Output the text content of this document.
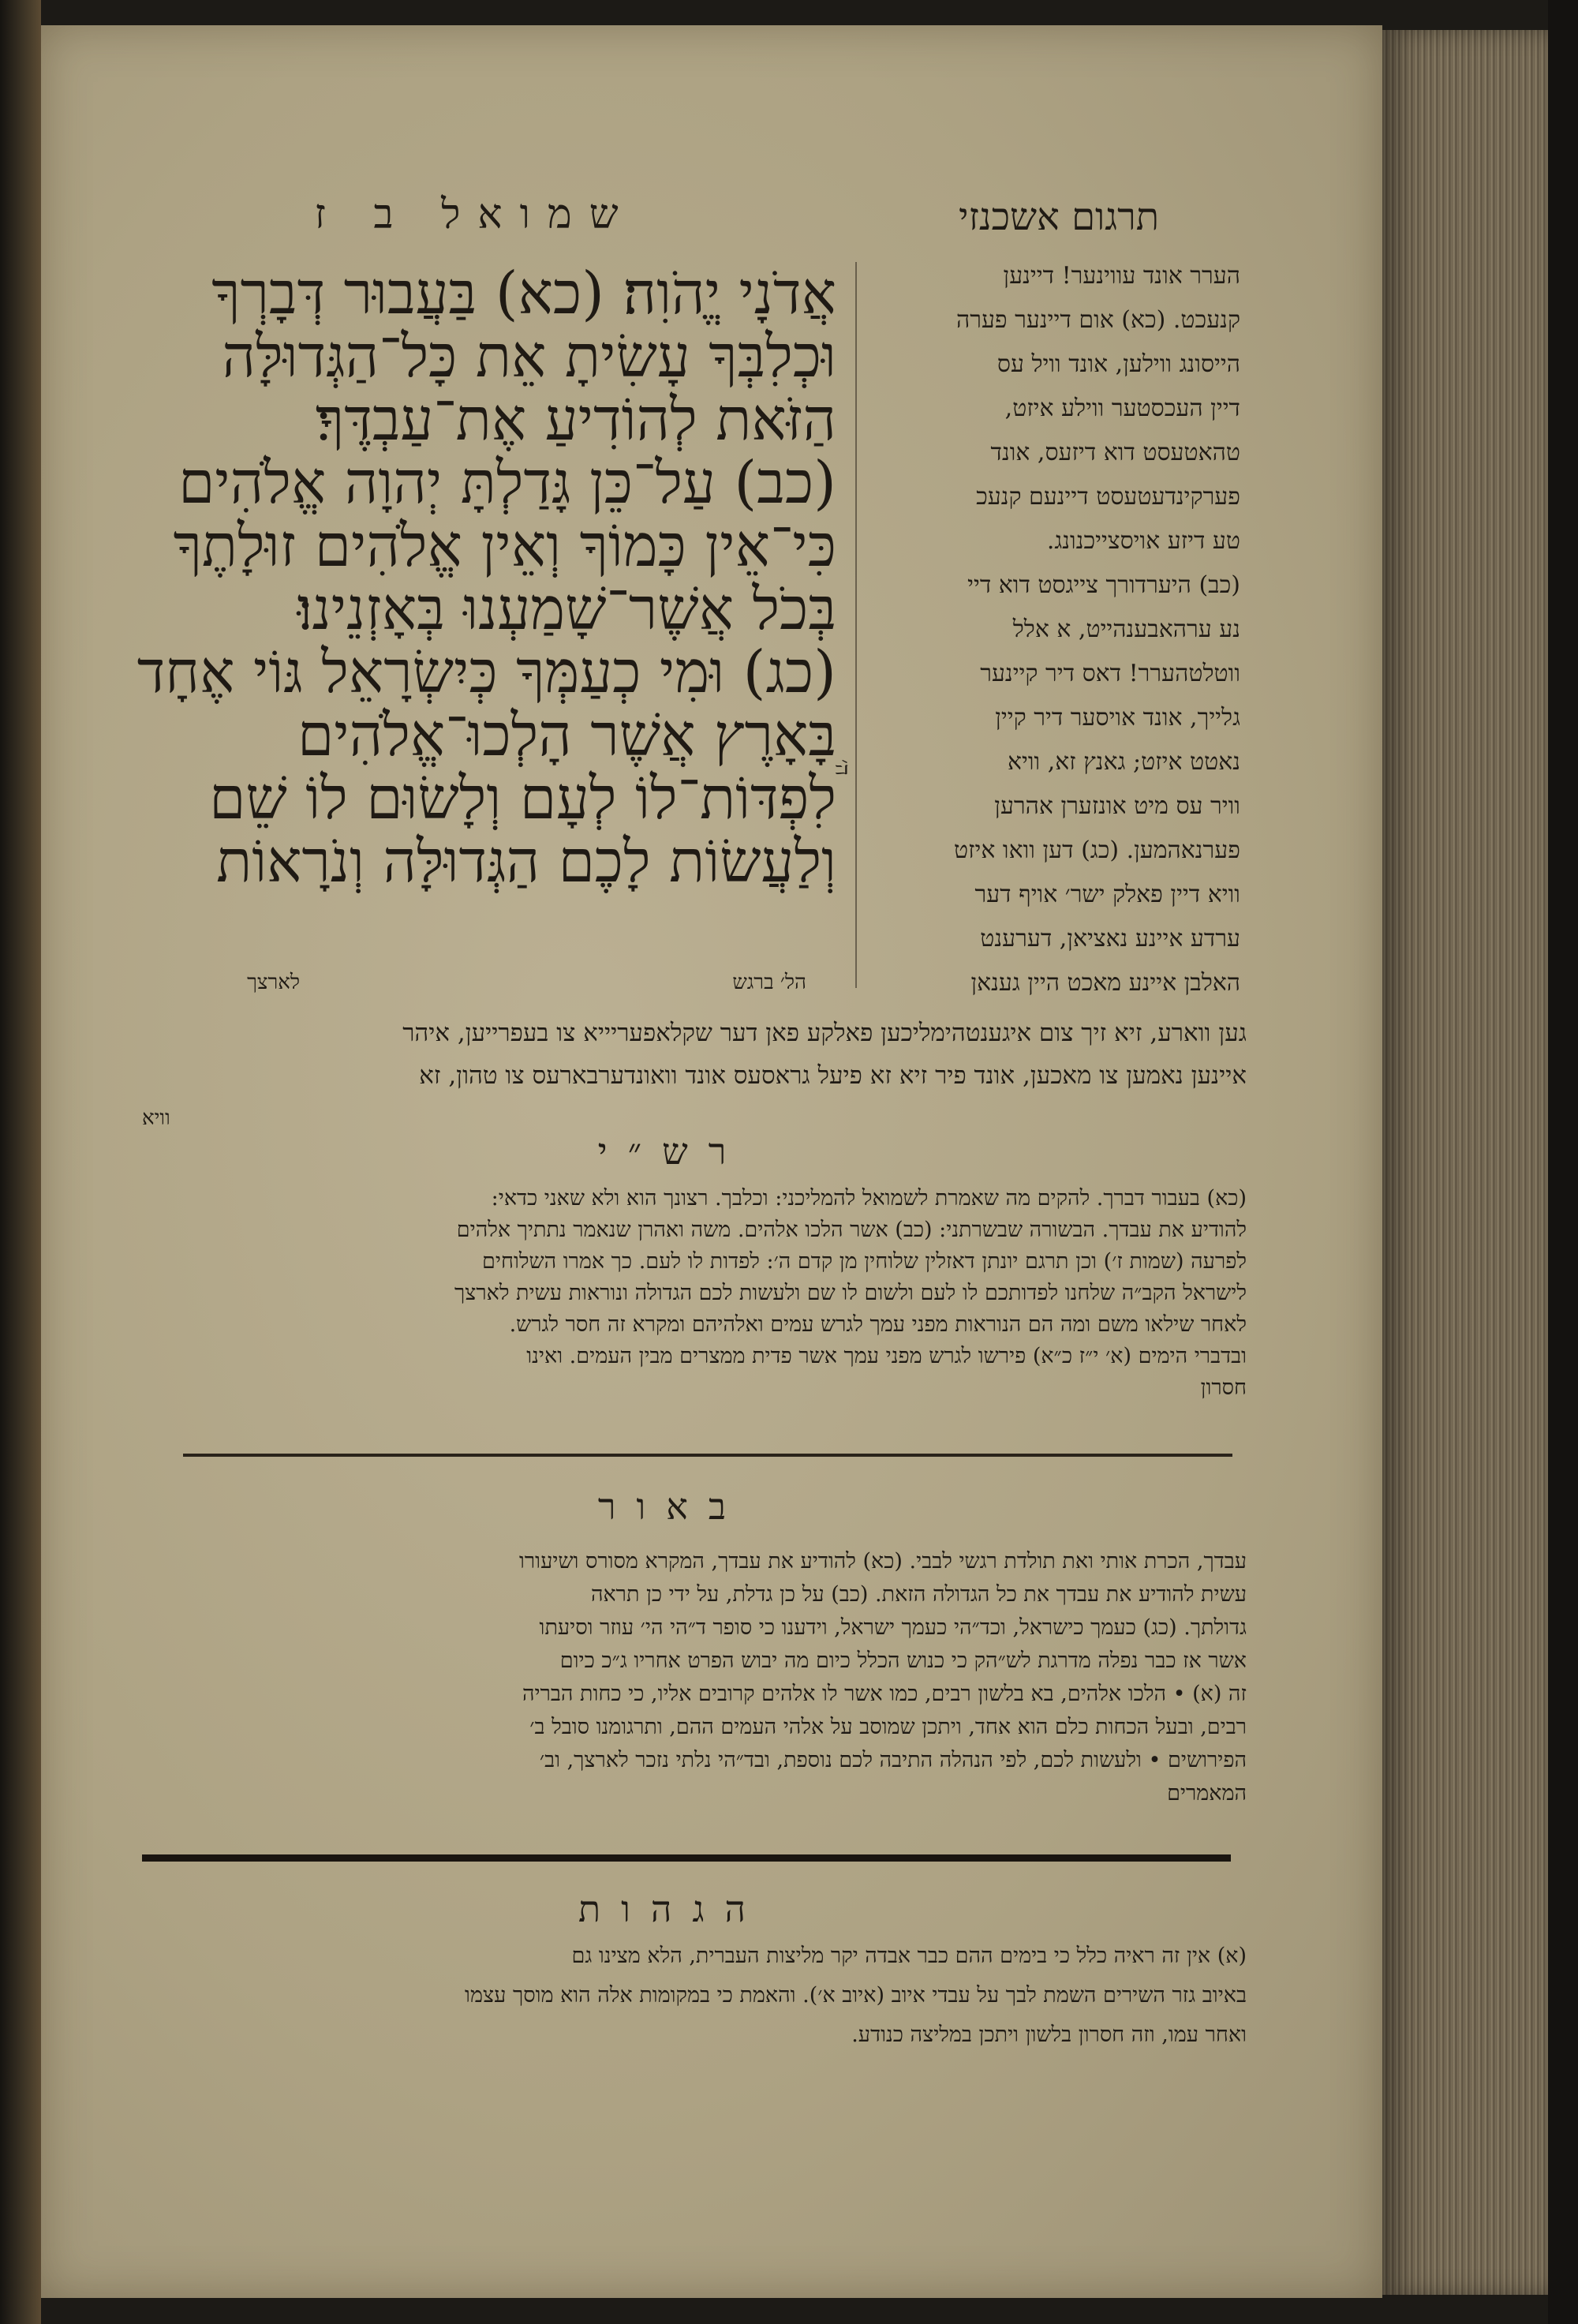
שמואל ב ז	תרגום אשכנזי
אֲדֹנָי יֱהֹוִה׃ (כא) בַּעֲבוּר דְּבָרְךָ
וּכְלִבְּךָ עָשִׂיתָ אֵת כָּל־הַגְּדוּלָּה
הַזֹּאת לְהוֹדִיעַ אֶת־עַבְדֶּךָ׃
(כב) עַל־כֵּן גָּדַלְתָּ יְהוָה אֱלֹהִים
כִּי־אֵין כָּמוֹךָ וְאֵין אֱלֹהִים זוּלָתֶךָ
בְּכֹל אֲשֶׁר־שָׁמַעְנוּ בְּאָזְנֵינוּ׃
(כג) וּמִי כְעַמְּךָ כְּיִשְׂרָאֵל גּוֹי אֶחָד
בָּאָרֶץ אֲשֶׁר הָלְכוּ־אֱלֹהִים
לִפְדּוֹת־לוֹ לְעָם וְלָשׂוּם לוֹ שֵׁם
וְלַעֲשׂוֹת לָכֶם הַגְּדוּלָּה וְנֹרָאוֹת
הל׳ ברגש
לארצך
ה׳
הערר אונד עווינער! דיינען
קנעכט. (כא) אום דיינער פערה
הייסונג ווילען, אונד וויל עס
דיין העכסטער ווילע איזט,
טהאטעסט דוא דיזעס, אונד
פערקינדעטעסט דיינעם קנעכ
טע דיזע אויסצייכנונג.
(כב) היערדורך צייגסט דוא דיי
נע ערהאבענהייט, א אלל
ווטלטהערר! דאס דיר קיינער
גלייך, אונד אויסער דיר קיין
נאטט איזט; גאנץ זא, וויא
וויר עס מיט אונזערן אהרען
פערנאהמען. (כג) דען וואו איזט
וויא דיין פאלק ישר׳ אויף דער
ערדע איינע נאציאן, דערענט
האלבן איינע מאכט היין גענאן
גען ווארע, זיא זיך צום איגענטהימליכען פאלקע פאן דער שקלאפעריייא צו בעפרייען, איהר
איינען נאמען צו מאכען, אונד פיר זיא זא פיעל גראסעס אונד וואונדערבארעס צו טהון, זא
וויא
רש״י
(כא) בעבור דברך. להקים מה שאמרת לשמואל להמליכני: וכלבך. רצונך הוא ולא שאני כדאי:
להודיע את עבדך. הבשורה שבשרתני: (כב) אשר הלכו אלהים. משה ואהרן שנאמר נתתיך אלהים
לפרעה (שמות ז׳) וכן תרגם יונתן דאזלין שלוחין מן קדם ה׳: לפדות לו לעם. כך אמרו השלוחים
לישראל הקב״ה שלחנו לפדותכם לו לעם ולשום לו שם ולעשות לכם הגדולה ונוראות עשית לארצך
לאחר שילאו משם ומה הם הנוראות מפני עמך לגרש עמים ואלהיהם ומקרא זה חסר לגרש.
ובדברי הימים (א׳ י״ז כ״א) פירשו לגרש מפני עמך אשר פדית ממצרים מבין העמים. ואינו
חסרון
באור
עבדך, הכרת אותי ואת תולדת רגשי לבבי. (כא) להודיע את עבדך, המקרא מסורס ושיעורו
עשית להודיע את עבדך את כל הגדולה הזאת. (כב) על כן גדלת, על ידי כן תראה
גדולתך. (כג) כעמך כישראל, וכד״הי כעמך ישראל, וידענו כי סופר ד״הי הי׳ עוזר וסיעתו
אשר אז כבר נפלה מדרגת לש״הק כי כנוש הכלל כיום מה יבוש הפרט אחריו ג״כ כיום
זה (א) • הלכו אלהים, בא בלשון רבים, כמו אשר לו אלהים קרובים אליו, כי כחות הבריה
רבים, ובעל הכחות כלם הוא אחד, ויתכן שמוסב על אלהי העמים ההם, ותרגומנו סובל ב׳
הפירושים • ולעשות לכם, לפי הנהלה התיבה לכם נוספת, ובד״הי נלתי נזכר לארצך, וב׳
המאמרים
הגהות
(א) אין זה ראיה כלל כי בימים ההם כבר אבדה יקר מליצות העברית, הלא מצינו גם
באיוב גזר השירים השמת לבך על עבדי איוב (איוב א׳). והאמת כי במקומות אלה הוא מוסך עצמו
ואחר עמו, וזה חסרון בלשון ויתכן במליצה כנודע.
